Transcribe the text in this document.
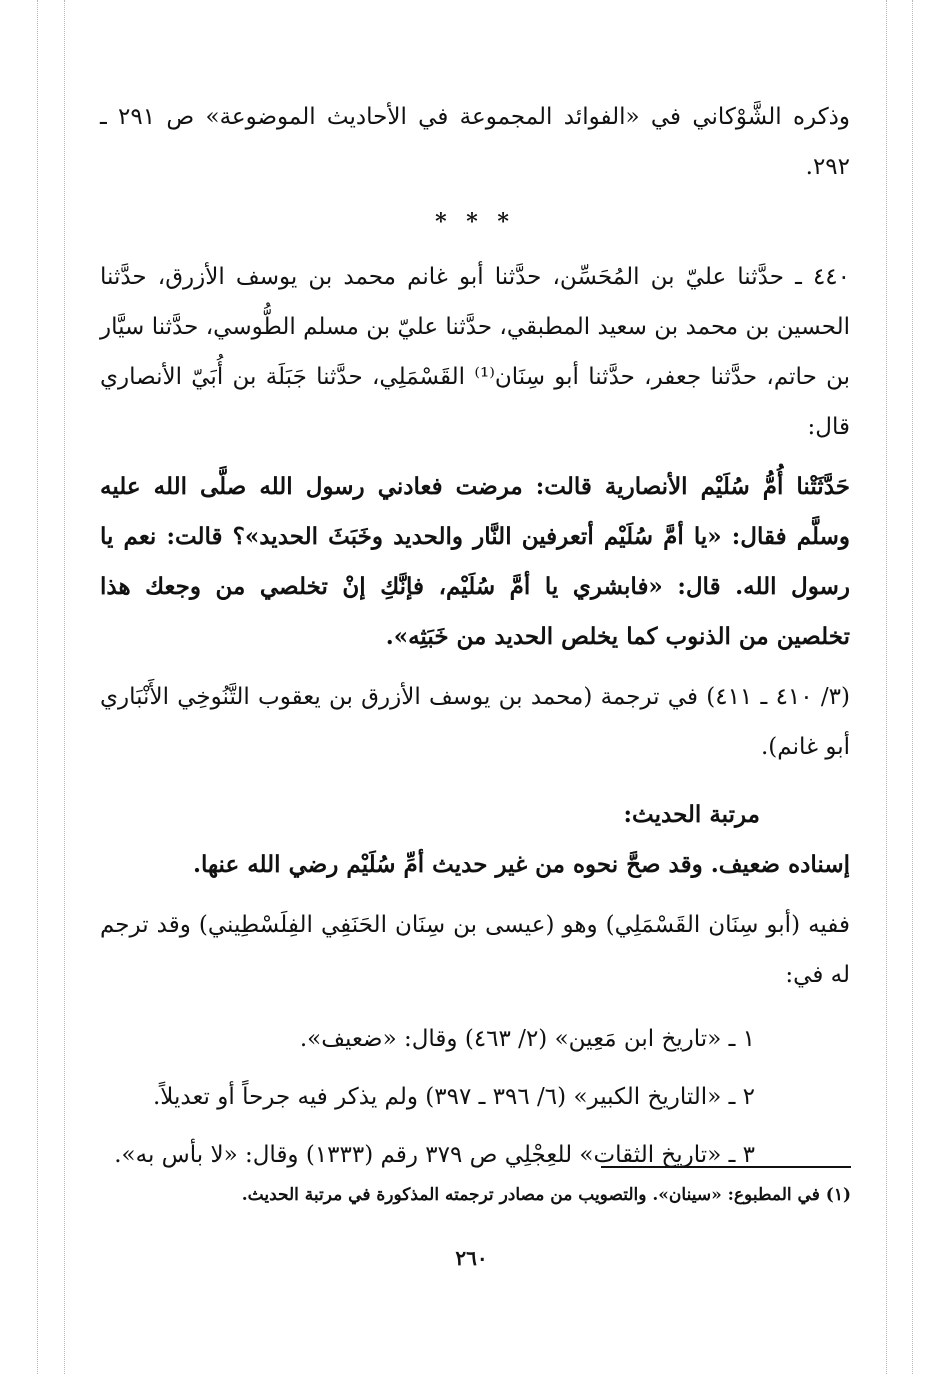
وذكره الشَّوْكاني في «الفوائد المجموعة في الأحاديث الموضوعة» ص ٢٩١ ـ ٢٩٢.

* * *

٤٤٠ ـ حدَّثنا عليّ بن المُحَسِّن، حدَّثنا أبو غانم محمد بن يوسف الأزرق، حدَّثنا الحسين بن محمد بن سعيد المطبقي، حدَّثنا عليّ بن مسلم الطُّوسي، حدَّثنا سيَّار بن حاتم، حدَّثنا جعفر، حدَّثنا أبو سِنَان⁽¹⁾ القَسْمَلِي، حدَّثنا جَبَلَة بن أُبَيّ الأنصاري قال:

حَدَّثَتْنا أُمُّ سُلَيْم الأنصارية قالت: مرضت فعادني رسول الله صلَّى الله عليه وسلَّم فقال: «يا أمَّ سُلَيْم أتعرفين النَّار والحديد وخَبَثَ الحديد»؟ قالت: نعم يا رسول الله. قال: «فابشري يا أمَّ سُلَيْم، فإنَّكِ إنْ تخلصي من وجعك هذا تخلصين من الذنوب كما يخلص الحديد من خَبَثِه».

(٣/ ٤١٠ ـ ٤١١) في ترجمة (محمد بن يوسف الأزرق بن يعقوب التَّنُوخِي الأَنْبَاري أبو غانم).

مرتبة الحديث:

إسناده ضعيف. وقد صحَّ نحوه من غير حديث أمِّ سُلَيْم رضي الله عنها.

ففيه (أبو سِنَان القَسْمَلِي) وهو (عيسى بن سِنَان الحَنَفِي الفِلَسْطِيني) وقد ترجم له في:

١ ـ «تاريخ ابن مَعِين» (٢/ ٤٦٣) وقال: «ضعيف».

٢ ـ «التاريخ الكبير» (٦/ ٣٩٦ ـ ٣٩٧) ولم يذكر فيه جرحاً أو تعديلاً.

٣ ـ «تاريخ الثقات» للعِجْلِي ص ٣٧٩ رقم (١٣٣٣) وقال: «لا بأس به».

(١) في المطبوع: «سينان». والتصويب من مصادر ترجمته المذكورة في مرتبة الحديث.
٢٦٠
